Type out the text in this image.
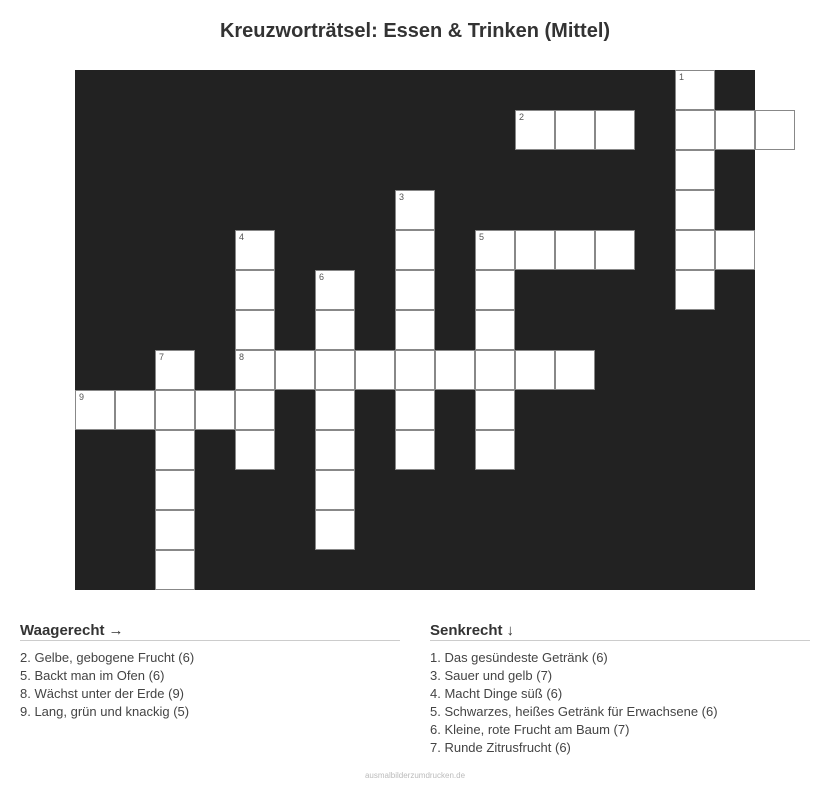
Kreuzworträtsel: Essen & Trinken (Mittel)
1
2
3
4	5
6
7	8
9
Waagerecht →
2. Gelbe, gebogene Frucht (6)
5. Backt man im Ofen (6)
8. Wächst unter der Erde (9)
9. Lang, grün und knackig (5)
Senkrecht ↓
1. Das gesündeste Getränk (6)
3. Sauer und gelb (7)
4. Macht Dinge süß (6)
5. Schwarzes, heißes Getränk für Erwachsene (6)
6. Kleine, rote Frucht am Baum (7)
7. Runde Zitrusfrucht (6)
ausmalbilderzumdrucken.de
